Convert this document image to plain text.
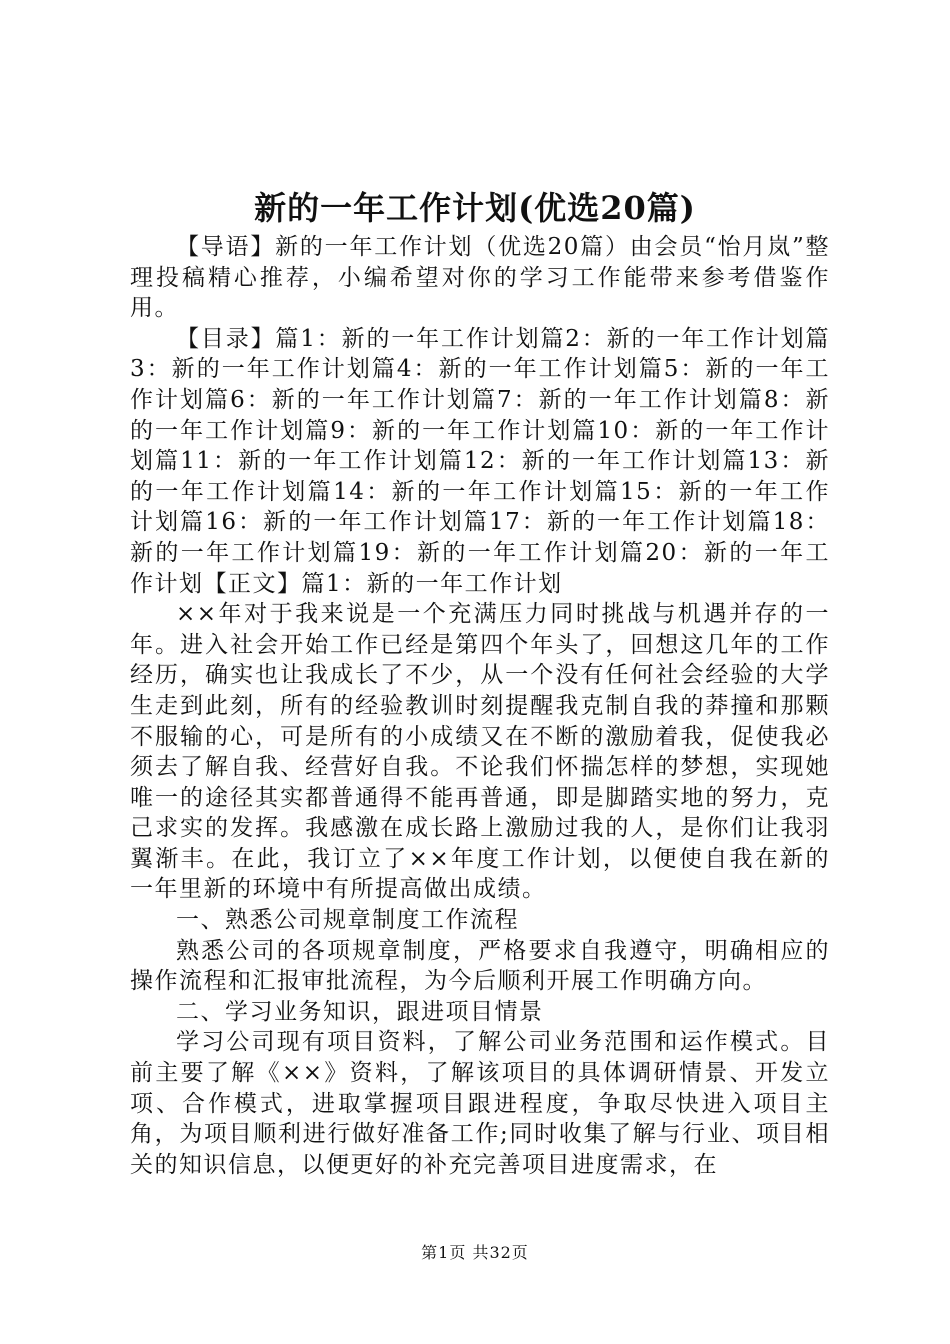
新的一年工作计划(优选20篇)

【导语】新的一年工作计划（优选20篇）由会员“怡月岚”整理投稿精心推荐，小编希望对你的学习工作能带来参考借鉴作用。

【目录】篇1：新的一年工作计划篇2：新的一年工作计划篇3：新的一年工作计划篇4：新的一年工作计划篇5：新的一年工作计划篇6：新的一年工作计划篇7：新的一年工作计划篇8：新的一年工作计划篇9：新的一年工作计划篇10：新的一年工作计划篇11：新的一年工作计划篇12：新的一年工作计划篇13：新的一年工作计划篇14：新的一年工作计划篇15：新的一年工作计划篇16：新的一年工作计划篇17：新的一年工作计划篇18：新的一年工作计划篇19：新的一年工作计划篇20：新的一年工作计划【正文】篇1：新的一年工作计划

××年对于我来说是一个充满压力同时挑战与机遇并存的一年。进入社会开始工作已经是第四个年头了，回想这几年的工作经历，确实也让我成长了不少，从一个没有任何社会经验的大学生走到此刻，所有的经验教训时刻提醒我克制自我的莽撞和那颗不服输的心，可是所有的小成绩又在不断的激励着我，促使我必须去了解自我、经营好自我。不论我们怀揣怎样的梦想，实现她唯一的途径其实都普通得不能再普通，即是脚踏实地的努力，克己求实的发挥。我感激在成长路上激励过我的人，是你们让我羽翼渐丰。在此，我订立了××年度工作计划，以便使自我在新的一年里新的环境中有所提高做出成绩。

一、熟悉公司规章制度工作流程

熟悉公司的各项规章制度，严格要求自我遵守，明确相应的操作流程和汇报审批流程，为今后顺利开展工作明确方向。

二、学习业务知识，跟进项目情景

学习公司现有项目资料，了解公司业务范围和运作模式。目前主要了解《××》资料，了解该项目的具体调研情景、开发立项、合作模式，进取掌握项目跟进程度，争取尽快进入项目主角，为项目顺利进行做好准备工作;同时收集了解与行业、项目相关的知识信息，以便更好的补充完善项目进度需求，在

第1页 共32页
